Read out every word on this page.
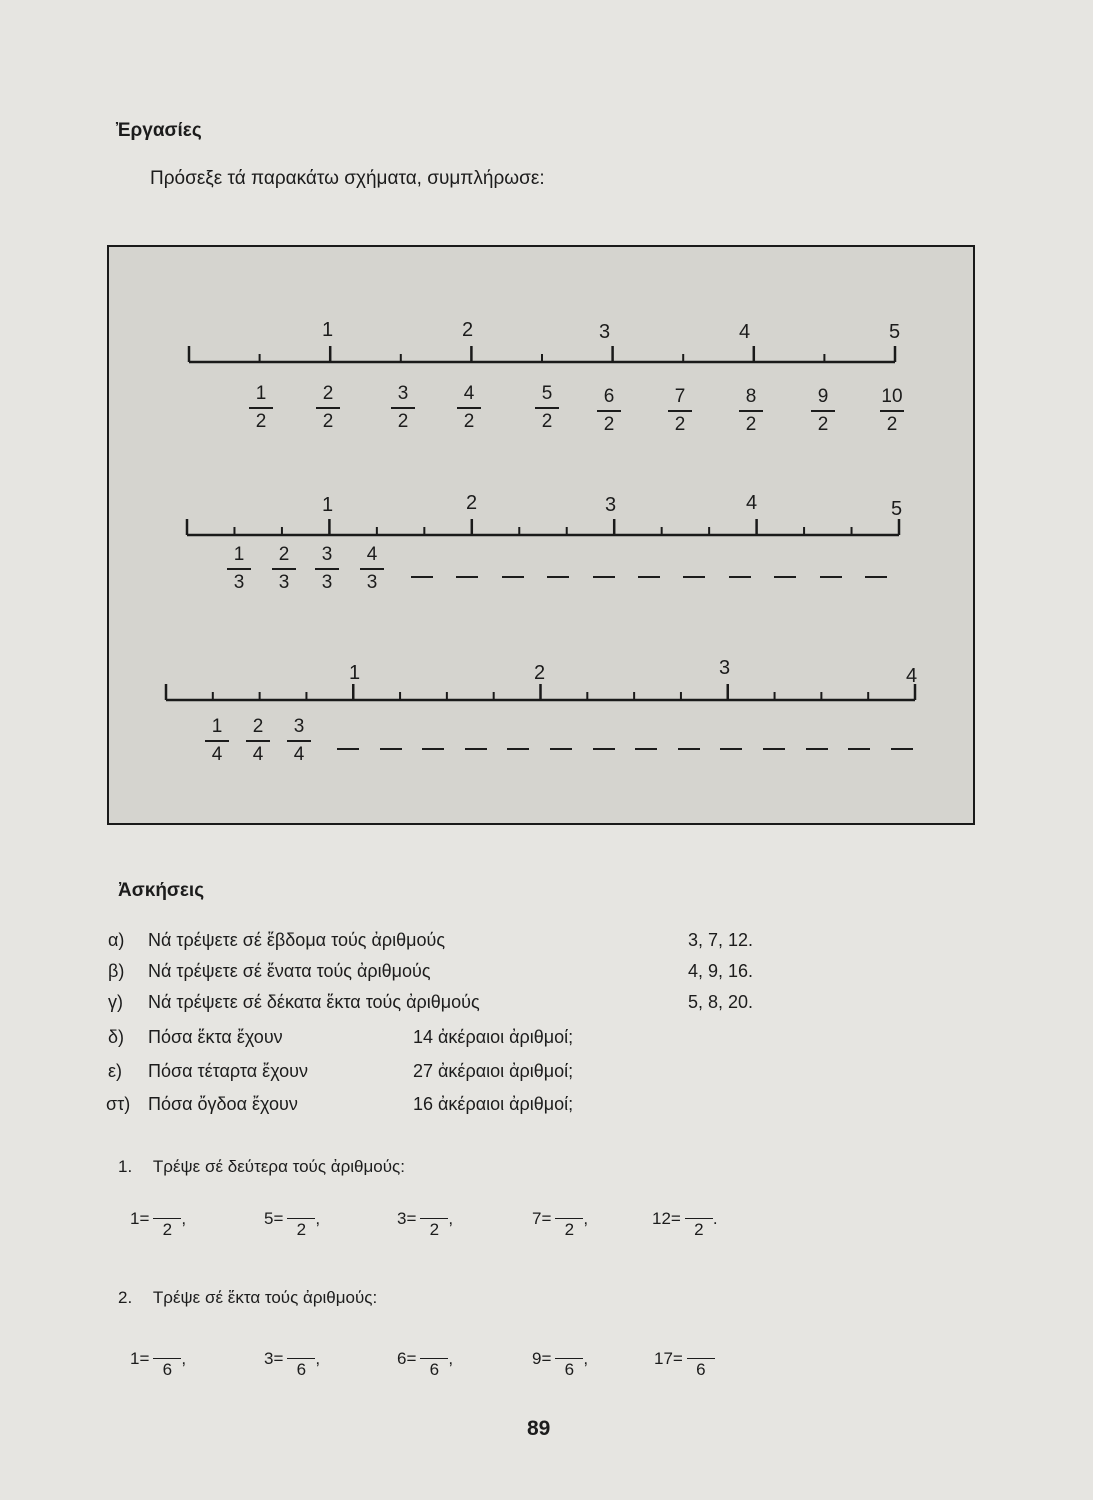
Ἐργασίες
Πρόσεξε τά παρακάτω σχήματα, συμπλήρωσε:
1	2	3	4	5
1
2
2
2
3
2
4
2
5
2
6
2
7
2
8
2
9
2
10
2
1	2	3	4	5
1
3
2
3
3
3
4
3
1	2	3	4
1
4
2
4
3
4
Ἀσκήσεις
α) Νά τρέψετε σέ ἕβδομα τούς ἀριθμούς	3, 7, 12.
β) Νά τρέψετε σέ ἔνατα τούς ἀριθμούς	4, 9, 16.
γ) Νά τρέψετε σέ δέκατα ἕκτα τούς ἀριθμούς	5, 8, 20.
δ) Πόσα ἕκτα ἔχουν	14 ἀκέραιοι ἀριθμοί;
ε) Πόσα τέταρτα ἔχουν	27 ἀκέραιοι ἀριθμοί;
στ) Πόσα ὄγδοα ἔχουν	16 ἀκέραιοι ἀριθμοί;
1. Τρέψε σέ δεύτερα τούς ἀριθμούς:
1=
2
,	5=
2
,	3=
2
,	7=
2
,	12=
2
.
2. Τρέψε σέ ἕκτα τούς ἀριθμούς:
1=
6
,	3=
6
,	6=
6
,	9=
6
,	17=
6
89
